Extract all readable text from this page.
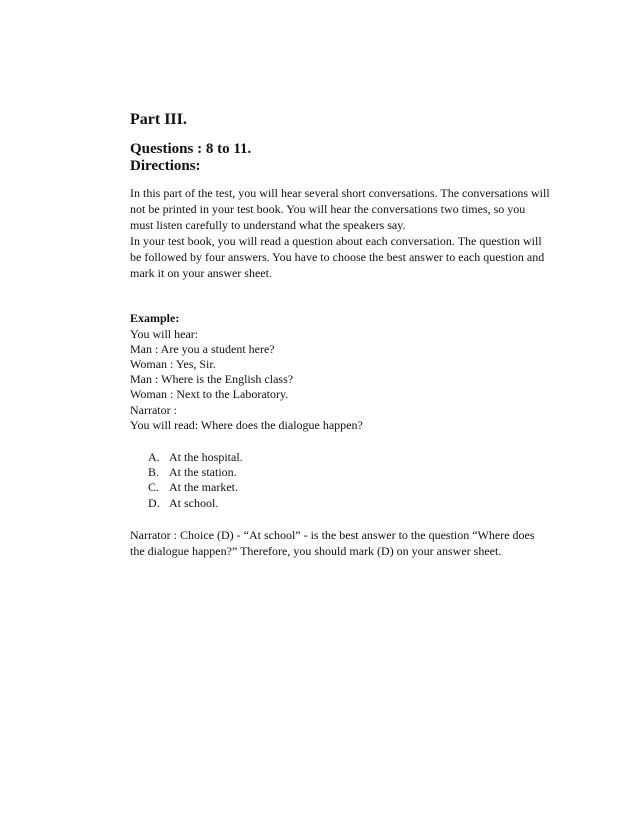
Part III.
Questions : 8 to 11.
Directions:

In this part of the test, you will hear several short conversations. The conversations will not be printed in your test book. You will hear the conversations two times, so you must listen carefully to understand what the speakers say.

In your test book, you will read a question about each conversation. The question will be followed by four answers. You have to choose the best answer to each question and mark it on your answer sheet.

Example:
You will hear:
Man : Are you a student here?
Woman : Yes, Sir.
Man : Where is the English class?
Woman : Next to the Laboratory.
Narrator :
You will read: Where does the dialogue happen?
A. At the hospital.
B. At the station.
C. At the market.
D. At school.

Narrator : Choice (D) - “At school” - is the best answer to the question “Where does the dialogue happen?” Therefore, you should mark (D) on your answer sheet.
